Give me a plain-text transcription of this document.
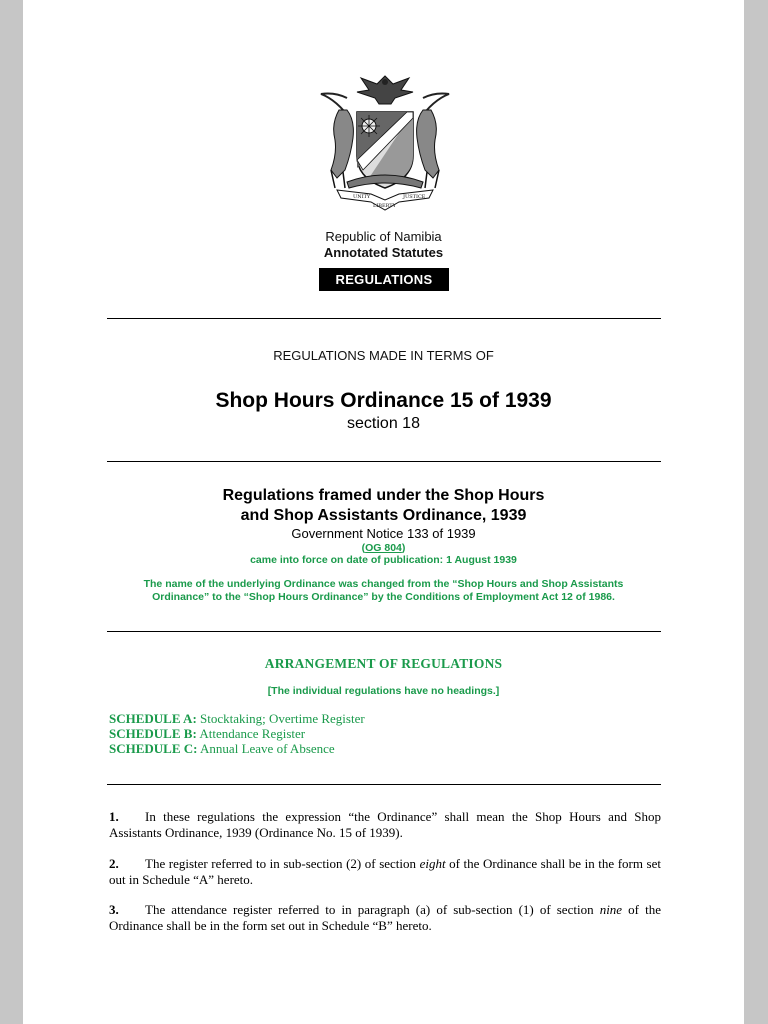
UNITY
LIBERTY
JUSTICE
Republic of Namibia
Annotated Statutes
REGULATIONS
REGULATIONS MADE IN TERMS OF
Shop Hours Ordinance 15 of 1939
section 18
Regulations framed under the Shop Hours
and Shop Assistants Ordinance, 1939
Government Notice 133 of 1939
(OG 804)
came into force on date of publication: 1 August 1939
The name of the underlying Ordinance was changed from the “Shop Hours and Shop Assistants
Ordinance” to the “Shop Hours Ordinance” by the Conditions of Employment Act 12 of 1986.
ARRANGEMENT OF REGULATIONS
[The individual regulations have no headings.]
SCHEDULE A: Stocktaking; Overtime Register
SCHEDULE B: Attendance Register
SCHEDULE C: Annual Leave of Absence
1. In these regulations the expression “the Ordinance” shall mean the Shop Hours and Shop Assistants Ordinance, 1939 (Ordinance No. 15 of 1939).
2. The register referred to in sub-section (2) of section eight of the Ordinance shall be in the form set out in Schedule “A” hereto.
3. The attendance register referred to in paragraph (a) of sub-section (1) of section nine of the Ordinance shall be in the form set out in Schedule “B” hereto.
